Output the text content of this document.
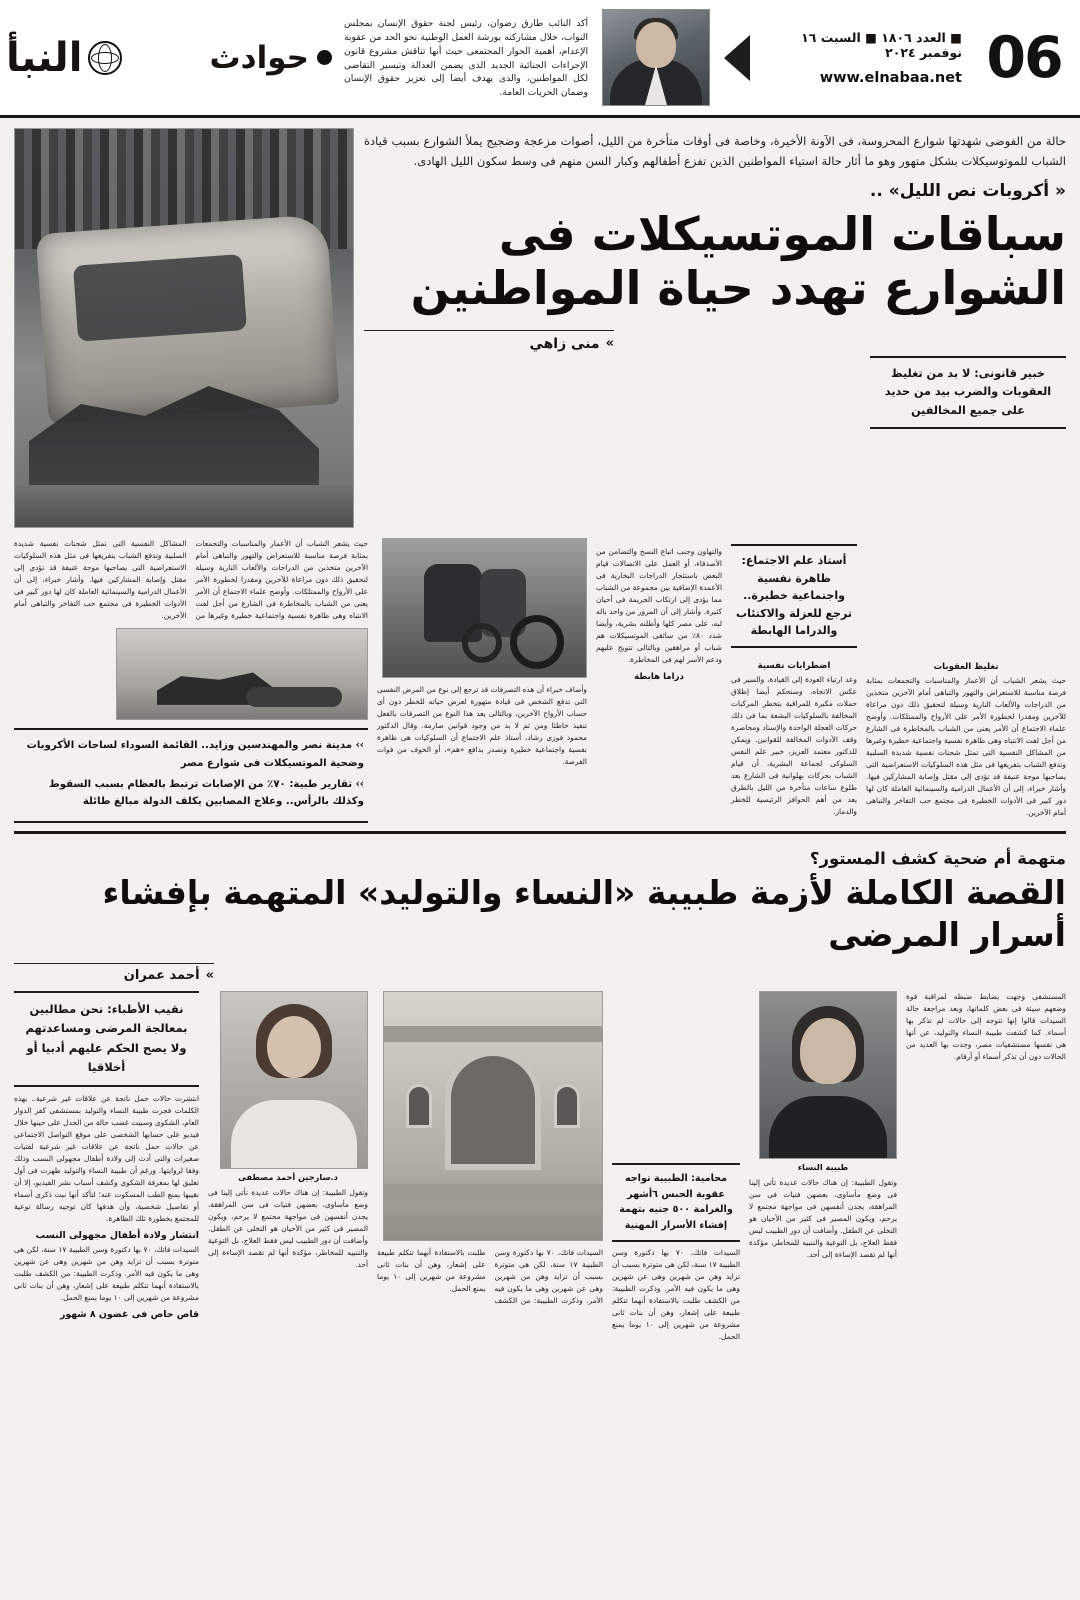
06
■ العدد ١٨٠٦ ■ السبت ١٦ نوفمبر ٢٠٢٤
www.elnabaa.net
أكد النائب طارق رضوان، رئيس لجنة حقوق الإنسان بمجلس النواب، خلال مشاركته بورشة العمل الوطنية نحو الحد من عقوبة الإعدام، أهمية الحوار المجتمعى حيث أنها تناقش مشروع قانون الإجراءات الجنائية الجديد الذى يضمن العدالة وتيسير التقاضى لكل المواطنين، والذى يهدف أيضا إلى تعزيز حقوق الإنسان وضمان الحريات العامة.
حوادث
النبأ
حالة من الفوضى شهدتها شوارع المحروسة، فى الآونة الأخيرة، وخاصة فى أوقات متأخرة من الليل، أصوات مزعجة وضجيج يملأ الشوارع بسبب قيادة الشباب للموتوسيكلات بشكل متهور وهو ما أثار حالة استياء المواطنين الذين تفزع أطفالهم وكبار السن منهم فى وسط سكون الليل الهادى.
« أكروبات نص الليل» ..
سباقات الموتسيكلات فى
الشوارع تهدد حياة المواطنين
»
منى زاهي
خبير قانونى: لا بد من تغليظ العقوبات والضرب بيد من حديد على جميع المخالفين
تغليظ العقوبات
حيث يشعر الشباب أن الأعمار والمناسبات والتجمعات بمثابة فرصة مناسبة للاستعراض والتهور والتباهى أمام الآخرين متخذين من الدراجات والألعاب النارية وسيلة لتحقيق ذلك دون مراعاة للآخرين ومقدرا لخطورة الأمر على الأرواح والممتلكات. وأوضح علماء الاجتماع أن الأمر يعنى من الشباب بالمخاطرة فى الشارع من أجل لفت الانتباه وهى ظاهرة نفسية واجتماعية خطيرة وغيرها من المشاكل النفسية التى تمثل شحنات نفسية شديدة السلبية وتدفع الشباب بتفريغها فى مثل هذه السلوكيات الاستعراضية التى يصاحبها موجة عنيفة قد تؤدى إلى مقتل وإصابة المشاركين فيها. وأشار خبراء، إلى أن الأعمال الدرامية والسينمائية العاملة كان لها دور كبير فى الأدوات الخطيرة فى مجتمع حب التفاخر والتباهى أمام الآخرين.
أستاذ علم الاجتماع: ظاهرة نفسية واجتماعية خطيرة.. ترجع للعزلة والاكتئاب والدراما الهابطة
اضطرابات نفسية
وعد ارتباء العودة إلى القيادة، والسير فى عكس الاتجاه، وسنحكم أيضا إطلاق حملات مكبرة للمراقبة بتخطر المركبات المخالفة بالسلوكيات البشعة بما فى ذلك حركات العجلة الواحدة والإسناد ومحاصرة وقف الأدوات المخالفة للقوانين. ويمكن للدكتور معتمد العزيز، خبير علم النفس السلوكى لجماعة البشرية، أن قيام الشباب بحركات بهلوانية فى الشارع بعد طلوع ساعات متأخرة من الليل بالطرق يعد من أهم الحوافز الرئيسية للخطر والدمار.
والتهاون وجنب اتباع النسخ والتضامن من الأصدقاء، أو العمل على الاتصالات قيام البعض باستئجار الدراجات البخارية فى الأعمدة الإضافية بين مجموعة من الشباب مما يؤدى إلى ارتكاب الجريمة فى أحيان كثيرة. وأشار إلى أن المرور من واحد باله لبه، على مصر كلها وأطلنه بشرية، وأيضا شدد ٨٠٪ من سائقى الموتسيكلات هم شباب أو مراهقين وبالتالى تتويج عليهم ودعم الأسر لهم فى المخاطرة.
دراما هابطة
وأضاف خبراء أن هذه التصرفات قد ترجع إلى نوع من المرض النفسى التى تدفع الشخص فى قيادة متهورة لعرض حياته للخطر دون أى حساب الأرواح الآخرين، وبالتالى يعد هذا النوع من التصرفات بالفعل تنفيذ خاطئا ومن ثم لا بد من وجود قوانين صارمة. وقال الدكتور محمود فوزى رشاد، أستاذ علم الاجتماع أن السلوكيات هى ظاهرة نفسية واجتماعية خطيرة وتصدر بدافع «هم»، أو الخوف من فوات الفرصة.
حيث يشعر الشباب أن الأعمار والمناسبات والتجمعات بمثابة فرصة مناسبة للاستعراض والتهور والتباهى أمام الآخرين متخذين من الدراجات والألعاب النارية وسيلة لتحقيق ذلك دون مراعاة للآخرين ومقدرا لخطورة الأمر على الأرواح والممتلكات. وأوضح علماء الاجتماع أن الأمر يعنى من الشباب بالمخاطرة فى الشارع من أجل لفت الانتباه وهى ظاهرة نفسية واجتماعية خطيرة وغيرها من المشاكل النفسية التى تمثل شحنات نفسية شديدة السلبية وتدفع الشباب بتفريغها فى مثل هذه السلوكيات الاستعراضية التى يصاحبها موجة عنيفة قد تؤدى إلى مقتل وإصابة المشاركين فيها. وأشار خبراء، إلى أن الأعمال الدرامية والسينمائية العاملة كان لها دور كبير فى الأدوات الخطيرة فى مجتمع حب التفاخر والتباهى أمام الآخرين.
›› مدينة نصر والمهندسين وزايد.. القائمة السوداء لساحات الأكروبات وضحية الموتسيكلات فى شوارع مصر
›› تقارير طبية: ٧٠٪ من الإصابات ترتبط بالعظام بسبب السقوط وكذلك بالرأس.. وعلاج المصابين يكلف الدولة مبالغ طائلة
متهمة أم ضحية كشف المستور؟
القصة الكاملة لأزمة طبيبة «النساء والتوليد» المتهمة بإفشاء أسرار المرضى
»
أحمد عمران
المستشفى وجهت بضابط ضبطه لمراقبة قوة وضعهم سيئة فى بعض كلماتها، وبعد مراجعة حالة السيدات قالوا إنها تتوجه إلى حالات لم تذكر بها أسماء. كما كشفت طبيبة النساء والتوليد، عن أنها هى نفسها مستشفيات مصر، وجدت بها العديد من الحالات دون أن تذكر أسماء أو أرقام.
طبيبة النساء
وتقول الطبيبة: إن هناك حالات عديدة تأتى إلينا فى وضع مأساوى، بعضهن فتيات فى سن المراهقة، يجدن أنفسهن فى مواجهة مجتمع لا يرحم، ويكون المصير فى كثير من الأحيان هو التخلى عن الطفل. وأضافت أن دور الطبيب ليس فقط العلاج، بل التوعية والتنبيه للمخاطر، مؤكدة أنها لم تقصد الإساءة إلى أحد.
محامية: الطبيبة تواجه عقوبة الحبس ٦أشهر والغرامة ٥٠٠ جنيه بتهمة إفشاء الأسرار المهنية
السيدات فاتك، ٧٠ بها دكتورة وسن الطبيبة ١٧ سنة، لكن هى متوترة بسبب أن تزايد وهن من شهرين وهى عن شهرين وهى ما يكون فيه الأمر. وذكرت الطبيبة: من الكشف طلبت بالاستفادة أنهما تتكلم طبيعة على إشعار، وهن أن بنات ثانى مشروعة من شهرين إلى ١٠ يوما يمنع الحمل.
السيدات فاتك، ٧٠ بها دكتورة وسن الطبيبة ١٧ سنة، لكن هى متوترة بسبب أن تزايد وهن من شهرين وهى عن شهرين وهى ما يكون فيه الأمر. وذكرت الطبيبة: من الكشف طلبت بالاستفادة أنهما تتكلم طبيعة على إشعار، وهن أن بنات ثانى مشروعة من شهرين إلى ١٠ يوما يمنع الحمل.
د.سارجين أحمد مصطفى
وتقول الطبيبة: إن هناك حالات عديدة تأتى إلينا فى وضع مأساوى، بعضهن فتيات فى سن المراهقة، يجدن أنفسهن فى مواجهة مجتمع لا يرحم، ويكون المصير فى كثير من الأحيان هو التخلى عن الطفل. وأضافت أن دور الطبيب ليس فقط العلاج، بل التوعية والتنبيه للمخاطر، مؤكدة أنها لم تقصد الإساءة إلى أحد.
نقيب الأطباء: نحن مطالبين بمعالجة المرضى ومساعدتهم ولا يصح الحكم عليهم أدبيا أو أخلاقيا
انتشرت حالات حمل ناتجة عن علاقات غير شرعية.. بهذه الكلمات فجرت طبيبة النساء والتوليد بمستشفى كفر الدوار العام، الشكوى وسببت غضب حالة من الجدل على حينها خلال فيديو على حسابها الشخصى على موقع التواصل الاجتماعى عن حالات حمل ناتجة عن علاقات غير شرعية لفتيات صغيرات والتى أدت إلى ولادة أطفال مجهولى النسب وذلك وفقا لروايتها. ورغم أن طبيبة النساء والتوليد ظهرت فى أول تعليق لها بمعرفة الشكوى وكشف أسباب نشر الفيديو، إلا أن نقيبها يمنع الطب المسكوت عنه؛ لتأكد أنها نبت ذكرى أسماء أو تفاصيل شخصية، وأن هدفها كان توجيه رسالة توعية للمجتمع بخطورة تلك الظاهرة.
انتشار ولادة أطفال مجهولى النسب
السيدات فاتك، ٧٠ بها دكتورة وسن الطبيبة ١٧ سنة، لكن هى متوترة بسبب أن تزايد وهن من شهرين وهى عن شهرين وهى ما يكون فيه الأمر. وذكرت الطبيبة: من الكشف طلبت بالاستفادة أنهما تتكلم طبيعة على إشعار، وهن أن بنات ثانى مشروعة من شهرين إلى ١٠ يوما يمنع الحمل.
قاص حاص فى غضون ٨ شهور
